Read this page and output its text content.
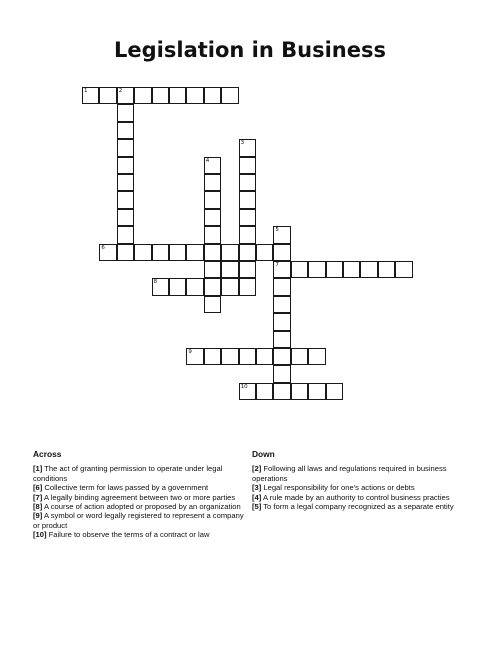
Legislation in Business
1	2
3
4
5
6
7
8
9
10
Across
[1] The act of granting permission to operate under legal conditions
[6] Collective term for laws passed by a government
[7] A legally binding agreement between two or more parties
[8] A course of action adopted or proposed by an organization
[9] A symbol or word legally registered to represent a company or product
[10] Failure to observe the terms of a contract or law
Down
[2] Following all laws and regulations required in business operations
[3] Legal responsibility for one's actions or debts
[4] A rule made by an authority to control business practies
[5] To form a legal company recognized as a separate entity
